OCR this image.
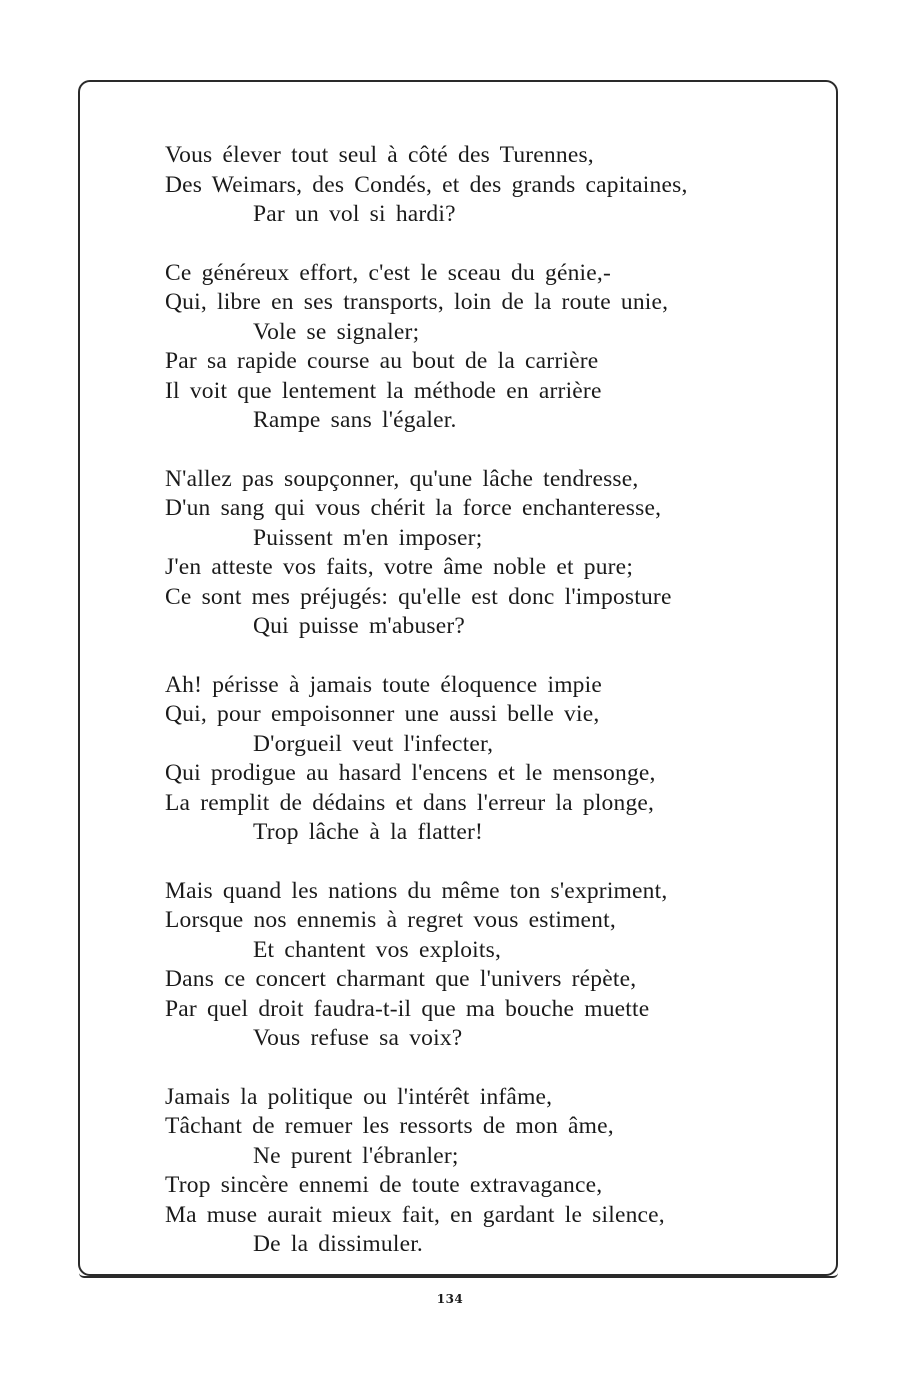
Vous élever tout seul à côté des Turennes,
Des Weimars, des Condés, et des grands capitaines,
Par un vol si hardi?
Ce généreux effort, c'est le sceau du génie,-
Qui, libre en ses transports, loin de la route unie,
Vole se signaler;
Par sa rapide course au bout de la carrière
Il voit que lentement la méthode en arrière
Rampe sans l'égaler.
N'allez pas soupçonner, qu'une lâche tendresse,
D'un sang qui vous chérit la force enchanteresse,
Puissent m'en imposer;
J'en atteste vos faits, votre âme noble et pure;
Ce sont mes préjugés: qu'elle est donc l'imposture
Qui puisse m'abuser?
Ah! périsse à jamais toute éloquence impie
Qui, pour empoisonner une aussi belle vie,
D'orgueil veut l'infecter,
Qui prodigue au hasard l'encens et le mensonge,
La remplit de dédains et dans l'erreur la plonge,
Trop lâche à la flatter!
Mais quand les nations du même ton s'expriment,
Lorsque nos ennemis à regret vous estiment,
Et chantent vos exploits,
Dans ce concert charmant que l'univers répète,
Par quel droit faudra-t-il que ma bouche muette
Vous refuse sa voix?
Jamais la politique ou l'intérêt infâme,
Tâchant de remuer les ressorts de mon âme,
Ne purent l'ébranler;
Trop sincère ennemi de toute extravagance,
Ma muse aurait mieux fait, en gardant le silence,
De la dissimuler.
134
